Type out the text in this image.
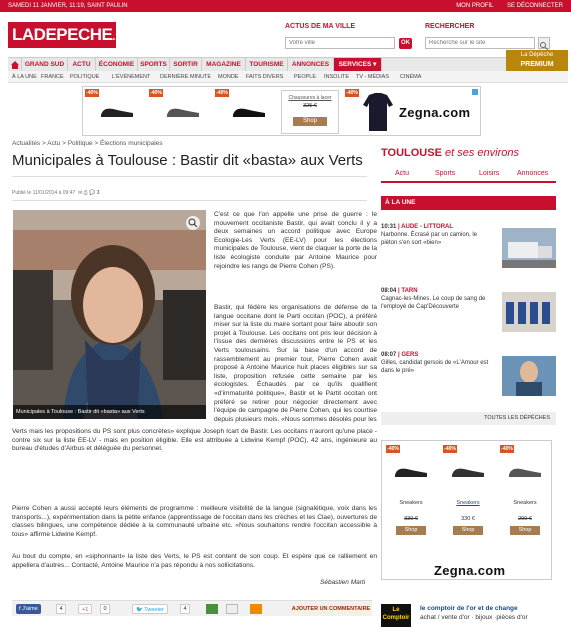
SAMEDI 11 JANVIER, 11:19, SAINT PAULIN	MON PROFIL SE DÉCONNECTER
LADEPECHE.fr
ACTUS DE MA VILLE
Votre ville
OK
RECHERCHER
Recherche sur le site
La Dépêche
PREMIUM
GRAND SUD	ACTU	ÉCONOMIE SPORTS SORTIR	MAGAZINE	TOURISME	ANNONCES	SERVICES ▾
À LA UNE FRANCE POLITIQUE L'ÉVÉNEMENT DERNIÈRE MINUTE MONDE FAITS DIVERS PEOPLE INSOLITE TV - MÉDIAS CINÉMA
-40%	-40%	-40%
Chaussures à lacer
325 €
Shop
-40%
Zegna.com
Actualités > Actu > Politique > Élections municipales
Municipales à Toulouse : Bastir dit «basta» aux Verts
Publié le 11/01/2014 à 09:47 ✉ ⎙ 💬 3
Municipales à Toulouse : Bastir dit «basta» aux Verts
C'est ce que l'on appelle une prise de guerre : le mouvement occitaniste Bastir, qui avait conclu il y a deux semaines un accord politique avec Europe Ecologie-Les Verts (EE-LV) pour les élections municipales de Toulouse, vient de claquer la porte de la liste écologiste conduite par Antoine Maurice pour rejoindre les rangs de Pierre Cohen (PS).
Bastir, qui fédère les organisations de défense de la langue occitane dont le Parti occitan (POC), a préféré miser sur la liste du maire sortant pour faire aboutir son projet à Toulouse. Les occitans ont pris leur décision à l'issue des dernières discussions entre le PS et les Verts toulousains. Sur la base d'un accord de rassemblement au premier tour, Pierre Cohen avait proposé à Antoine Maurice huit places éligibles sur sa liste, proposition refusée cette semaine par les écologistes. Échaudés par ce qu'ils qualifient «d'immaturité politique», Bastir et le Partit occitan ont préféré se retirer pour négocier directement avec l'équipe de campagne de Pierre Cohen, qui les courtise depuis plusieurs mois. «Nous sommes désolés pour les
Verts mais les propositions du PS sont plus concrètes» explique Joseph Icart de Bastir. Les occitans n'auront qu'une place - contre six sur la liste EE-LV - mais en position éligible. Elle est attribuée à Lidwine Kempf (POC), 42 ans, ingénieure au bureau d'études d'Airbus et déléguée du personnel.
Pierre Cohen a aussi accepté leurs éléments de programme : meilleure visibilité de la langue (signalétique, voix dans les transports...), expérimentation dans la petite enfance (apprentissage de l'occitan dans les crèches et les Clae), ouvertures de classes bilingues, une compétence dédiée à la communauté urbaine etc. «Nous souhaitons rendre l'occitan accessible à tous» affirme Lidwine Kempf.
Au bout du compte, en «siphonnant» la liste des Verts, le PS est content de son coup. Et espère que ce ralliement en appellera d'autres... Contacté, Antoine Maurice n'a pas répondu à nos sollicitations.
Sébastien Marti
f J'aime	4	+1	0	🐦 Tweeter	4	AJOUTER UN COMMENTAIRE
TOULOUSE et ses environs
Actu	Sports	Loisirs	Annonces
À LA UNE
10:31 | AUDE - LITTORAL
Narbonne. Écrasé par un camion, le piéton s'en sort «bien»
08:04 | TARN
Cagnac-les-Mines. Le coup de sang de l'employé de Cap'Découverte
08:07 | GERS
Gilles, candidat gersois de «L'Amour est dans le pré»
TOUTES LES DÉPÊCHES
-40%	-40%	-40%
Sneakers
330 €
Shop
Sneakers
330 €
Shop
Sneakers
290 €
Shop
Zegna.com
Le Comptoir
le comptoir de l'or et de change
achat / vente d'or · bijoux ·pièces d'or
